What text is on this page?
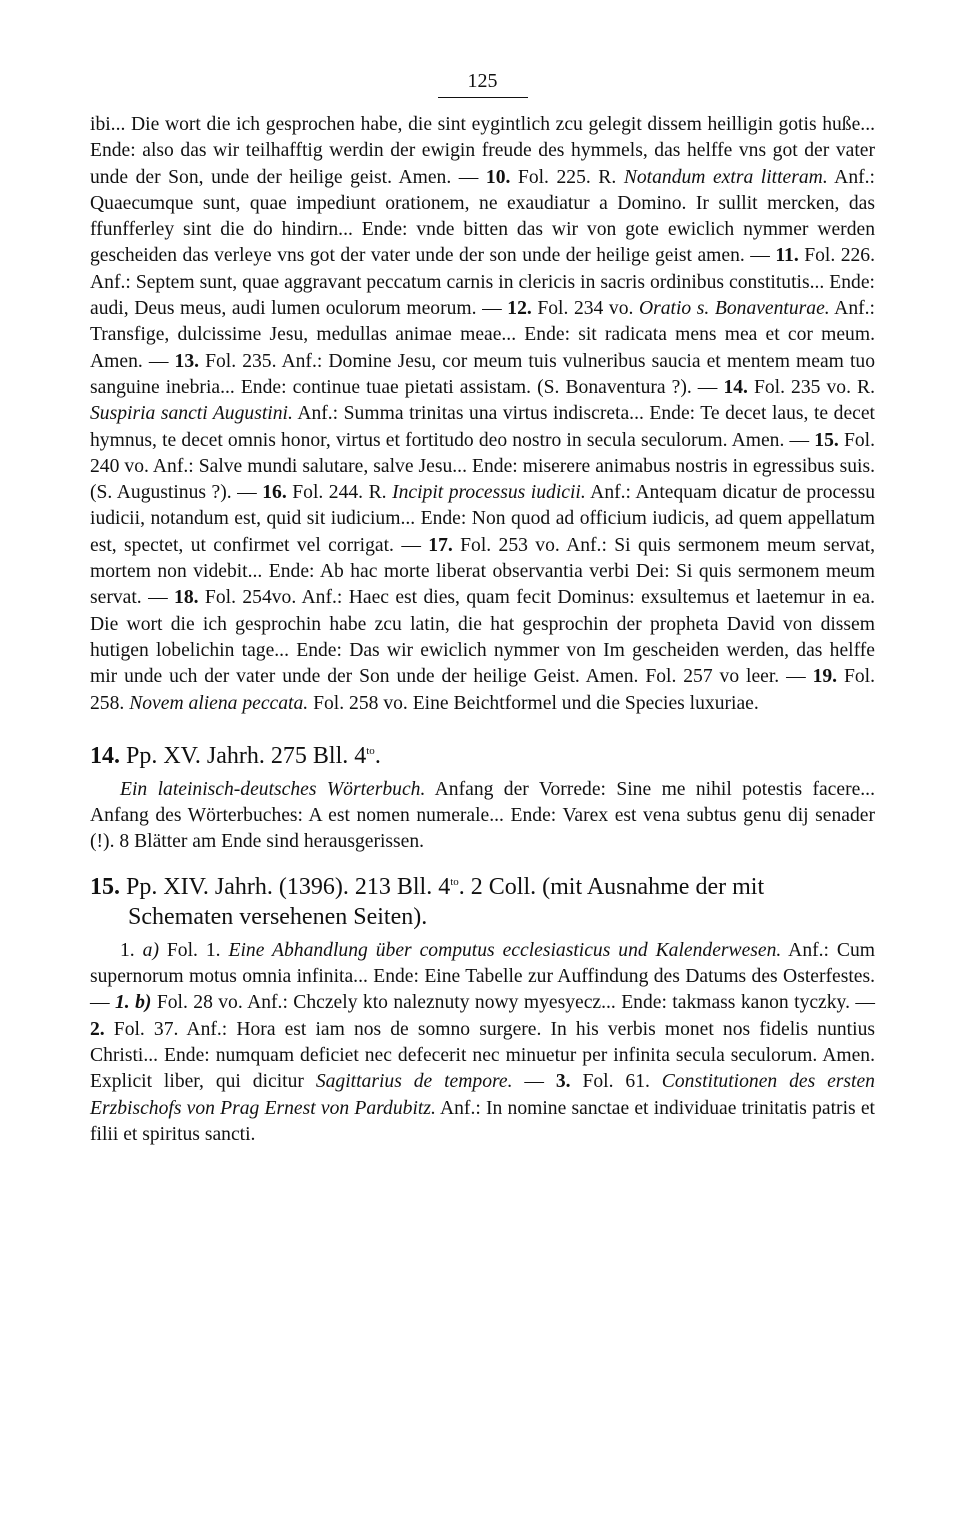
125

ibi... Die wort die ich gesprochen habe, die sint eygintlich zcu gelegit dissem heilligin gotis huße... Ende: also das wir teilhafftig werdin der ewigin freude des hymmels, das helffe vns got der vater unde der Son, unde der heilige geist. Amen. — 10. Fol. 225. R. Notandum extra litteram. Anf.: Quaecumque sunt, quae impediunt orationem, ne exaudiatur a Domino. Ir sullit mercken, das ffunfferley sint die do hindirn... Ende: vnde bitten das wir von gote ewiclich nymmer werden gescheiden das verleye vns got der vater unde der son unde der heilige geist amen. — 11. Fol. 226. Anf.: Septem sunt, quae aggravant peccatum carnis in clericis in sacris ordinibus constitutis... Ende: audi, Deus meus, audi lumen oculorum meorum. — 12. Fol. 234 vo. Oratio s. Bonaventurae. Anf.: Transfige, dulcissime Jesu, medullas animae meae... Ende: sit radicata mens mea et cor meum. Amen. — 13. Fol. 235. Anf.: Domine Jesu, cor meum tuis vulneribus saucia et mentem meam tuo sanguine inebria... Ende: continue tuae pietati assistam. (S. Bonaventura ?). — 14. Fol. 235 vo. R. Suspiria sancti Augustini. Anf.: Summa trinitas una virtus indiscreta... Ende: Te decet laus, te decet hymnus, te decet omnis honor, virtus et fortitudo deo nostro in secula seculorum. Amen. — 15. Fol. 240 vo. Anf.: Salve mundi salutare, salve Jesu... Ende: miserere animabus nostris in egressibus suis. (S. Augustinus ?). — 16. Fol. 244. R. Incipit processus iudicii. Anf.: Antequam dicatur de processu iudicii, notandum est, quid sit iudicium... Ende: Non quod ad officium iudicis, ad quem appellatum est, spectet, ut confirmet vel corrigat. — 17. Fol. 253 vo. Anf.: Si quis sermonem meum servat, mortem non videbit... Ende: Ab hac morte liberat observantia verbi Dei: Si quis sermonem meum servat. — 18. Fol. 254vo. Anf.: Haec est dies, quam fecit Dominus: exsultemus et laetemur in ea. Die wort die ich gesprochin habe zcu latin, die hat gesprochin der propheta David von dissem hutigen lobelichin tage... Ende: Das wir ewiclich nymmer von Im gescheiden werden, das helffe mir unde uch der vater unde der Son unde der heilige Geist. Amen. Fol. 257 vo leer. — 19. Fol. 258. Novem aliena peccata. Fol. 258 vo. Eine Beichtformel und die Species luxuriae.

14. Pp. XV. Jahrh. 275 Bll. $4^{to}$.

Ein lateinisch-deutsches Wörterbuch. Anfang der Vorrede: Sine me nihil potestis facere... Anfang des Wörterbuches: A est nomen numerale... Ende: Varex est vena subtus genu dij senader (!). 8 Blätter am Ende sind herausgerissen.

15. Pp. XIV. Jahrh. (1396). 213 Bll. $4^{to}$. 2 Coll. (mit Ausnahme der mit Schematen versehenen Seiten).

1. a) Fol. 1. Eine Abhandlung über computus ecclesiasticus und Kalenderwesen. Anf.: Cum supernorum motus omnia infinita... Ende: Eine Tabelle zur Auffindung des Datums des Osterfestes. — 1. b) Fol. 28 vo. Anf.: Chczely kto naleznuty nowy myesyecz... Ende: takmass kanon tyczky. — 2. Fol. 37. Anf.: Hora est iam nos de somno surgere. In his verbis monet nos fidelis nuntius Christi... Ende: numquam deficiet nec defecerit nec minuetur per infinita secula seculorum. Amen. Explicit liber, qui dicitur Sagittarius de tempore. — 3. Fol. 61. Constitutionen des ersten Erzbischofs von Prag Ernest von Pardubitz. Anf.: In nomine sanctae et individuae trinitatis patris et filii et spiritus sancti.
